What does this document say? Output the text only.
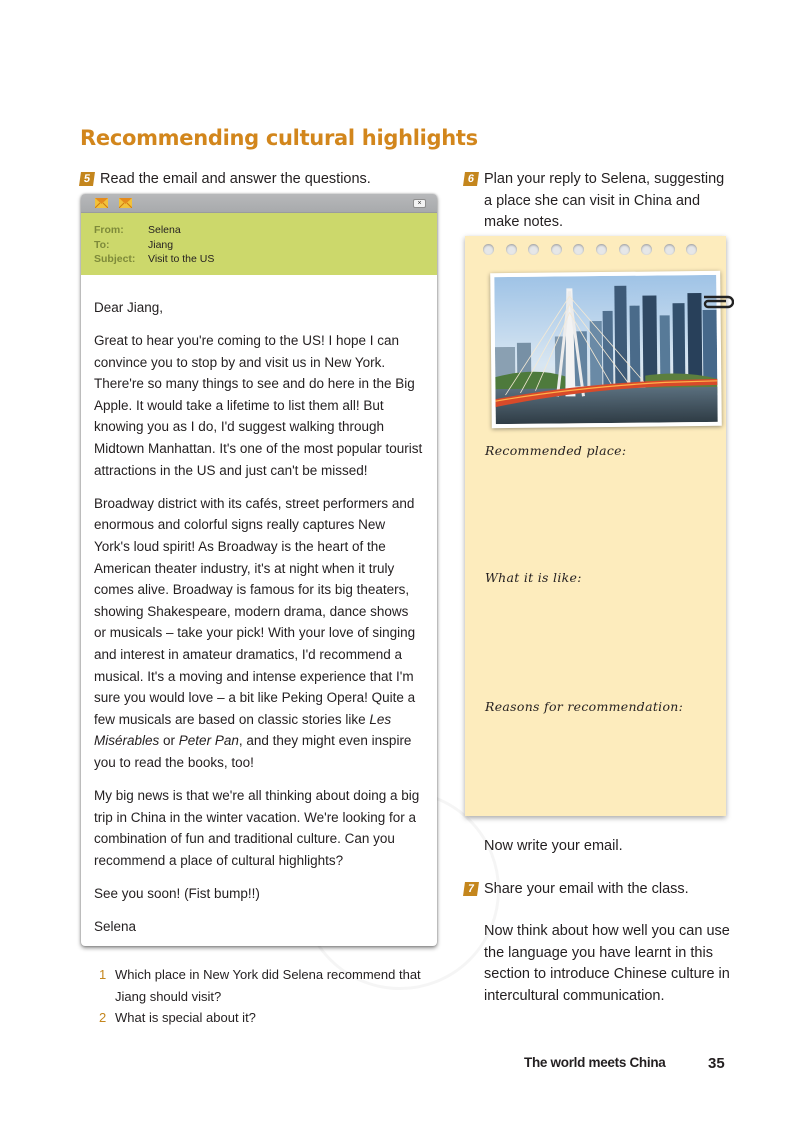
Recommending cultural highlights
5 Read the email and answer the questions.	6 Plan your reply to Selena, suggesting a place she can visit in China and make notes.
×
From:	Selena
To:	Jiang
Subject:	Visit to the US

Dear Jiang,

Great to hear you're coming to the US! I hope I can convince you to stop by and visit us in New York. There're so many things to see and do here in the Big Apple. It would take a lifetime to list them all! But knowing you as I do, I'd suggest walking through Midtown Manhattan. It's one of the most popular tourist attractions in the US and just can't be missed!

Broadway district with its cafés, street performers and enormous and colorful signs really captures New York's loud spirit! As Broadway is the heart of the American theater industry, it's at night when it truly comes alive. Broadway is famous for its big theaters, showing Shakespeare, modern drama, dance shows or musicals – take your pick! With your love of singing and interest in amateur dramatics, I'd recommend a musical. It's a moving and intense experience that I'm sure you would love – a bit like Peking Opera! Quite a few musicals are based on classic stories like Les Misérables or Peter Pan, and they might even inspire you to read the books, too!

My big news is that we're all thinking about doing a big trip in China in the winter vacation. We're looking for a combination of fun and traditional culture. Can you recommend a place of cultural highlights?

See you soon! (Fist bump!!)

Selena

1 Which place in New York did Selena recommend that Jiang should visit?
2 What is special about it?
Recommended place:
What it is like:
Reasons for recommendation:
Now write your email.
7 Share your email with the class.
Now think about how well you can use the language you have learnt in this section to introduce Chinese culture in intercultural communication.
The world meets China	35
